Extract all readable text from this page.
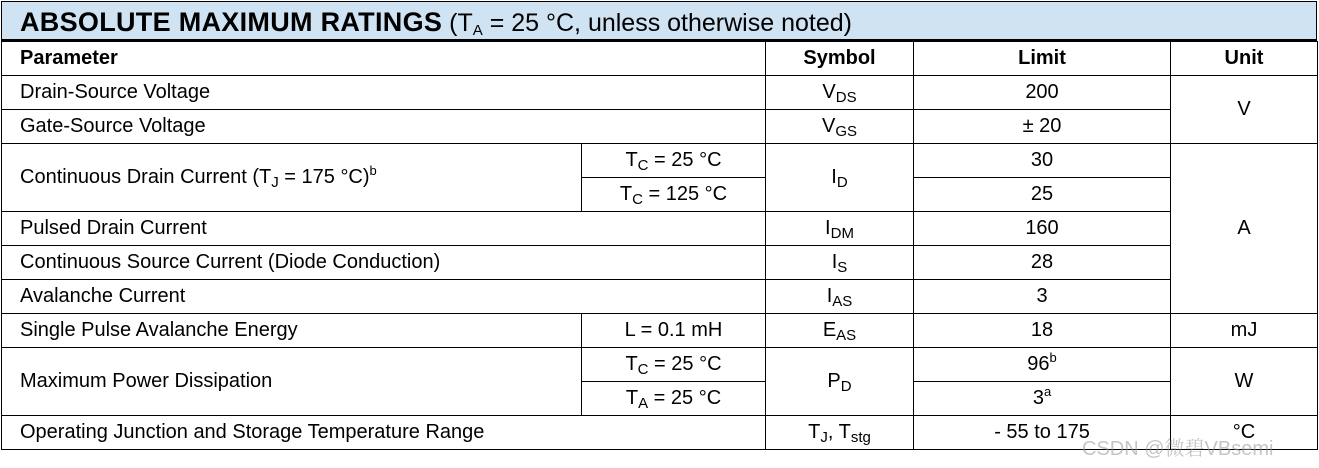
ABSOLUTE MAXIMUM RATINGS ($T_A = 25$ °C, unless otherwise noted)
Parameter		Symbol	Limit	Unit
Drain-Source Voltage		$V_{DS}$	200	V
Gate-Source Voltage		$V_{GS}$	± 20	
Continuous Drain Current ($T_J = 175$ °C)$^b$	$T_C = 25$ °C	$I_D$	30	A
	$T_C = 125$ °C		25	
Pulsed Drain Current		$I_{DM}$	160	
Continuous Source Current (Diode Conduction)		$I_S$	28	
Avalanche Current		$I_{AS}$	3	
Single Pulse Avalanche Energy	L = 0.1 mH	$E_{AS}$	18	mJ
Maximum Power Dissipation	$T_C = 25$ °C	$P_D$	96$^b$	W
	$T_A = 25$ °C		3$^a$
Operating Junction and Storage Temperature Range		$T_J$, $T_{stg}$	- 55 to 175	°C
CSDN @微碧VBsemi
